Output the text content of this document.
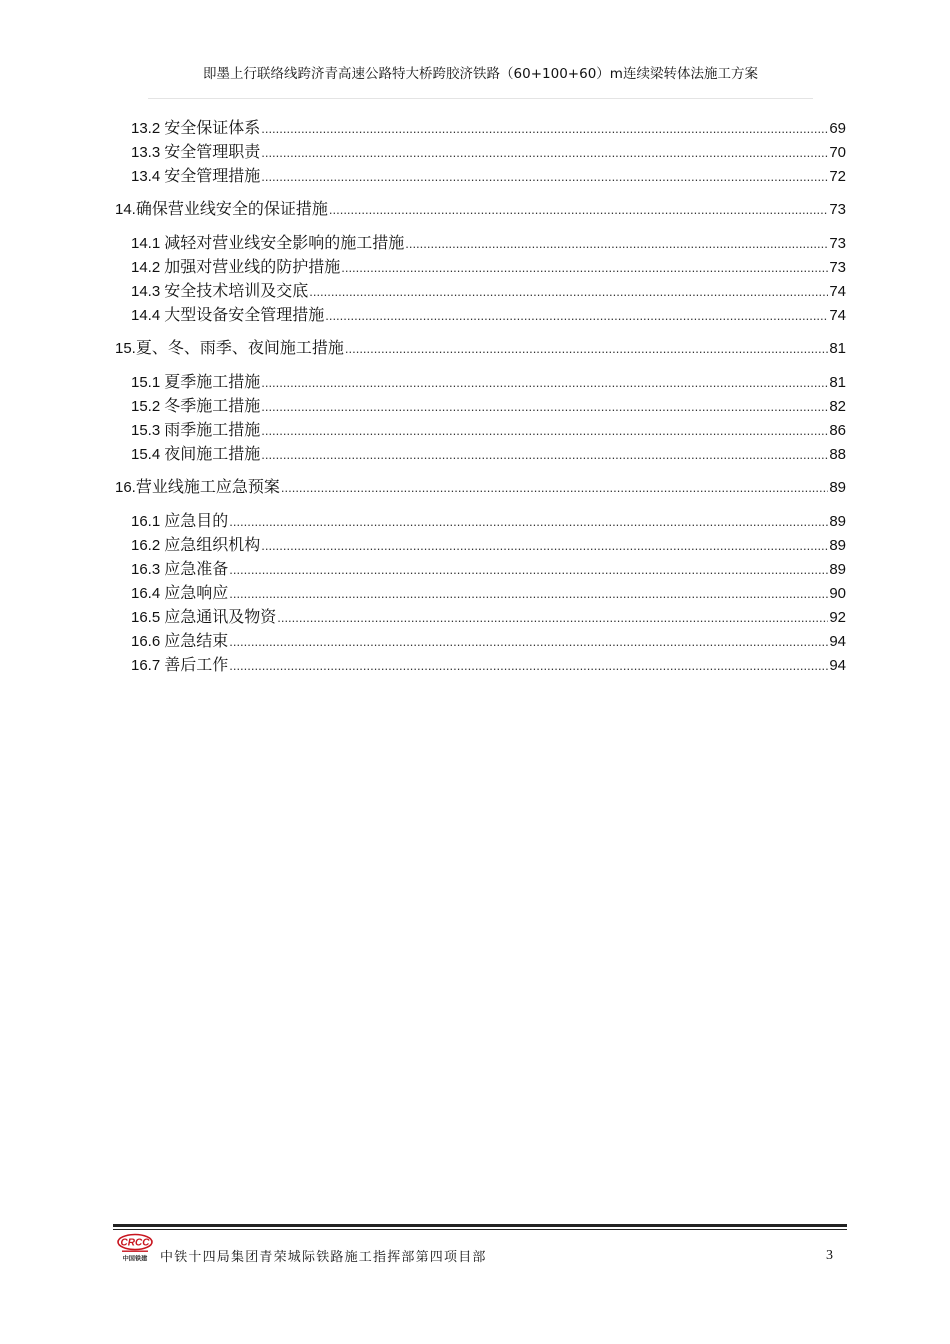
即墨上行联络线跨济青高速公路特大桥跨胶济铁路（60+100+60）m连续梁转体法施工方案
13.2 安全保证体系 .....	69
13.3 安全管理职责 .....	70
13.4 安全管理措施 .....	72
14. 确保营业线安全的保证措施 .....	73
14.1 减轻对营业线安全影响的施工措施 .....	73
14.2 加强对营业线的防护措施 .....	73
14.3 安全技术培训及交底 .....	74
14.4 大型设备安全管理措施 .....	74
15. 夏、冬、雨季、夜间施工措施 .....	81
15.1 夏季施工措施 .....	81
15.2 冬季施工措施 .....	82
15.3 雨季施工措施 .....	86
15.4 夜间施工措施 .....	88
16. 营业线施工应急预案 .....	89
16.1 应急目的 .....	89
16.2 应急组织机构 .....	89
16.3 应急准备 .....	89
16.4 应急响应 .....	90
16.5 应急通讯及物资 .....	92
16.6 应急结束 .....	94
16.7 善后工作 .....	94
CRCC
中国铁建 中铁十四局集团青荣城际铁路施工指挥部第四项目部	3
